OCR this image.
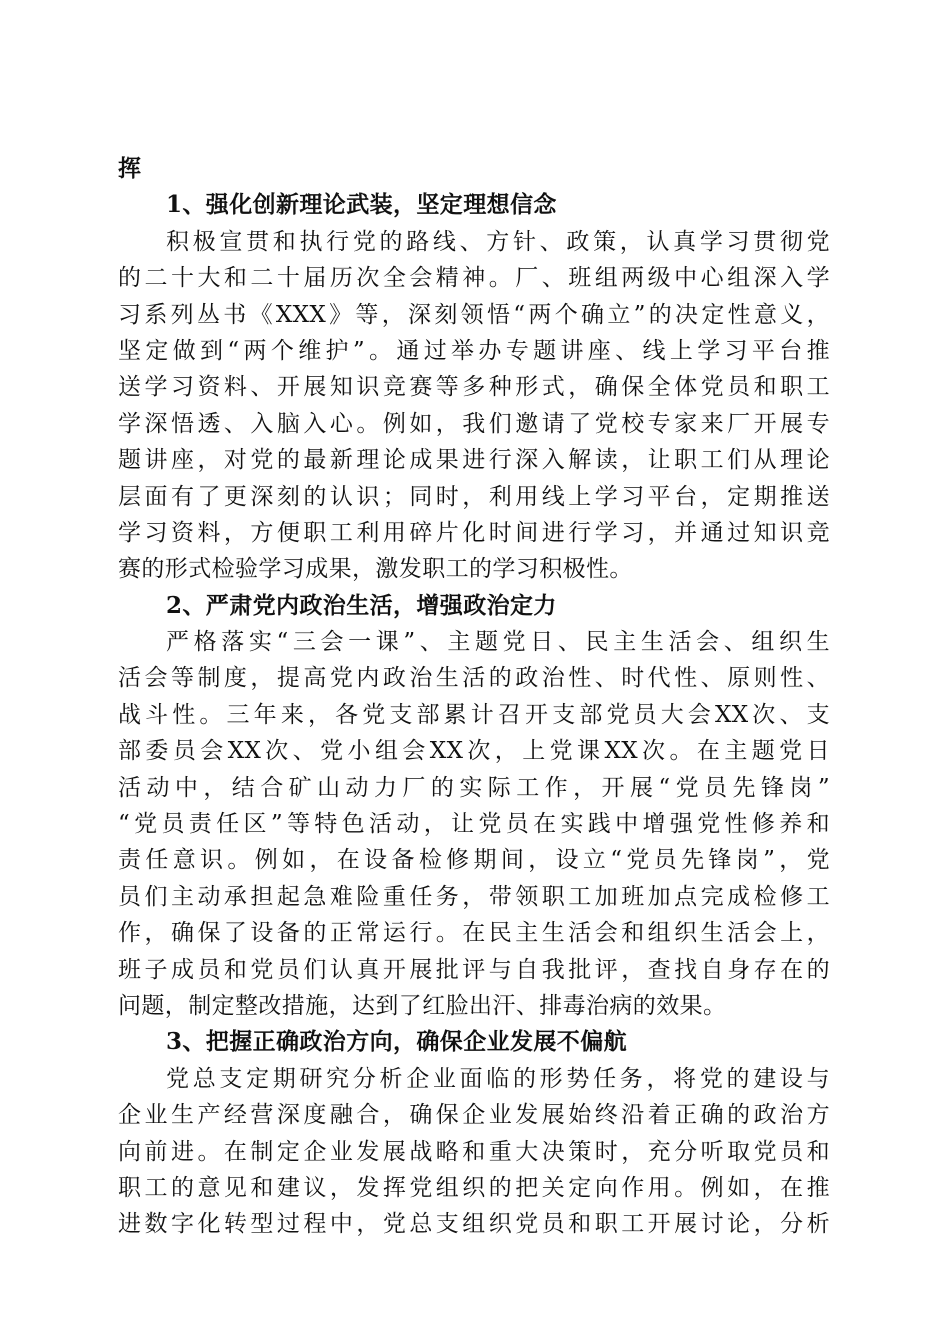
挥
1、强化创新理论武装，坚定理想信念
积极宣贯和执行党的路线、方针、政策，认真学习贯彻党
的二十大和二十届历次全会精神。厂、班组两级中心组深入学
习系列丛书《XXX》等，深刻领悟“两个确立”的决定性意义，
坚定做到“两个维护”。通过举办专题讲座、线上学习平台推
送学习资料、开展知识竞赛等多种形式，确保全体党员和职工
学深悟透、入脑入心。例如，我们邀请了党校专家来厂开展专
题讲座，对党的最新理论成果进行深入解读，让职工们从理论
层面有了更深刻的认识；同时，利用线上学习平台，定期推送
学习资料，方便职工利用碎片化时间进行学习，并通过知识竞
赛的形式检验学习成果，激发职工的学习积极性。
2、严肃党内政治生活，增强政治定力
严格落实“三会一课”、主题党日、民主生活会、组织生
活会等制度，提高党内政治生活的政治性、时代性、原则性、
战斗性。三年来，各党支部累计召开支部党员大会XX次、支
部委员会XX次、党小组会XX次，上党课XX次。在主题党日
活动中，结合矿山动力厂的实际工作，开展“党员先锋岗”
“党员责任区”等特色活动，让党员在实践中增强党性修养和
责任意识。例如，在设备检修期间，设立“党员先锋岗”，党
员们主动承担起急难险重任务，带领职工加班加点完成检修工
作，确保了设备的正常运行。在民主生活会和组织生活会上，
班子成员和党员们认真开展批评与自我批评，查找自身存在的
问题，制定整改措施，达到了红脸出汗、排毒治病的效果。
3、把握正确政治方向，确保企业发展不偏航
党总支定期研究分析企业面临的形势任务，将党的建设与
企业生产经营深度融合，确保企业发展始终沿着正确的政治方
向前进。在制定企业发展战略和重大决策时，充分听取党员和
职工的意见和建议，发挥党组织的把关定向作用。例如，在推
进数字化转型过程中，党总支组织党员和职工开展讨论，分析
